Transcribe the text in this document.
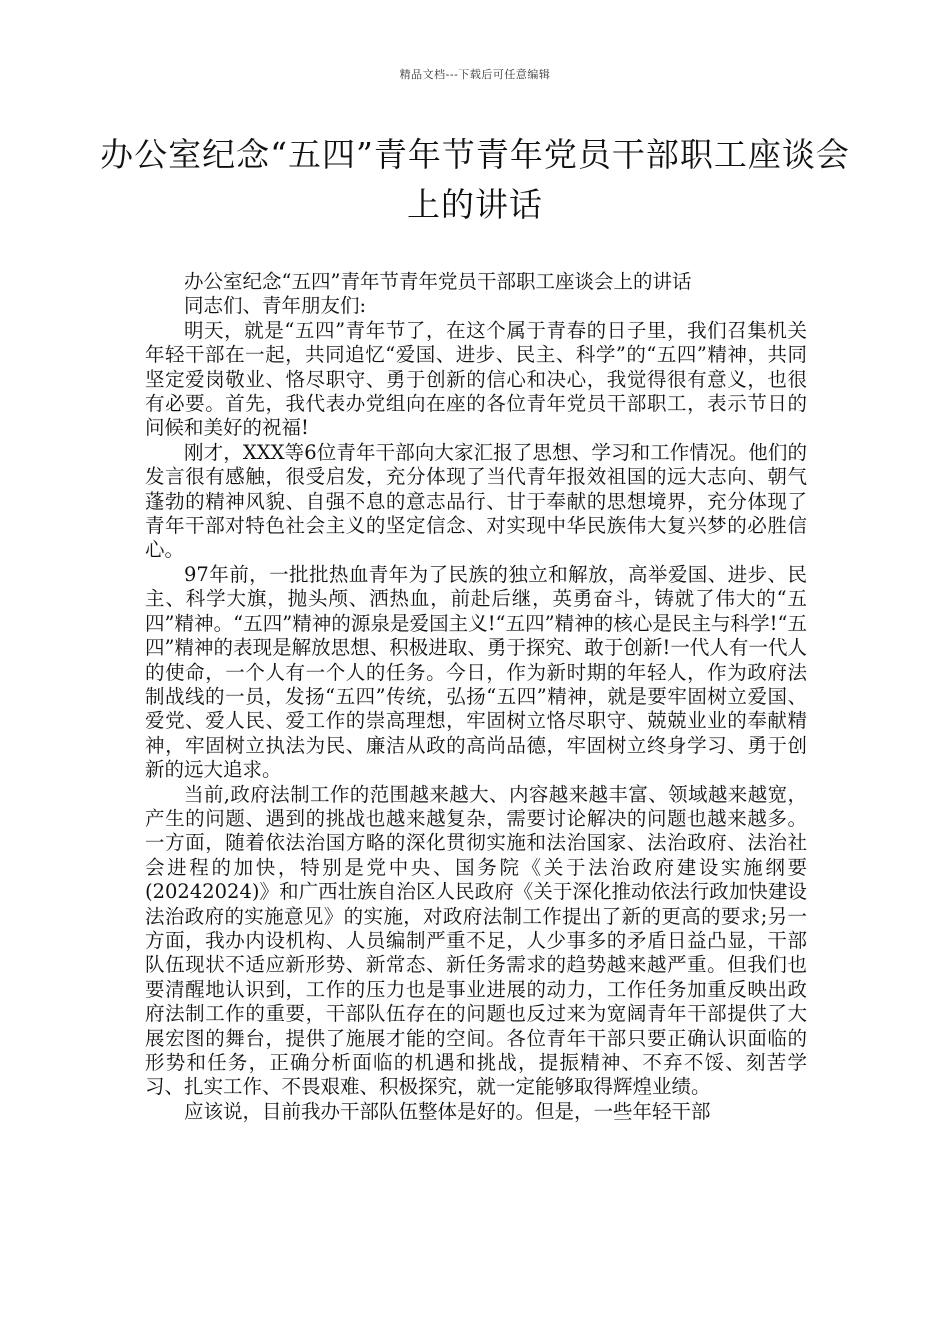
精品文档---下载后可任意编辑
办公室纪念“五四”青年节青年党员干部职工座谈会上的讲话

办公室纪念“五四”青年节青年党员干部职工座谈会上的讲话

同志们、青年朋友们:

明天，就是“五四”青年节了，在这个属于青春的日子里，我们召集机关年轻干部在一起，共同追忆“爱国、进步、民主、科学”的“五四”精神，共同坚定爱岗敬业、恪尽职守、勇于创新的信心和决心，我觉得很有意义，也很有必要。首先，我代表办党组向在座的各位青年党员干部职工，表示节日的问候和美好的祝福!

刚才，XXX等6位青年干部向大家汇报了思想、学习和工作情况。他们的发言很有感触，很受启发，充分体现了当代青年报效祖国的远大志向、朝气蓬勃的精神风貌、自强不息的意志品行、甘于奉献的思想境界，充分体现了青年干部对特色社会主义的坚定信念、对实现中华民族伟大复兴梦的必胜信心。

97年前，一批批热血青年为了民族的独立和解放，高举爱国、进步、民主、科学大旗，抛头颅、洒热血，前赴后继，英勇奋斗，铸就了伟大的“五四”精神。“五四”精神的源泉是爱国主义!“五四”精神的核心是民主与科学!“五四”精神的表现是解放思想、积极进取、勇于探究、敢于创新!一代人有一代人的使命，一个人有一个人的任务。今日，作为新时期的年轻人，作为政府法制战线的一员，发扬“五四”传统，弘扬“五四”精神，就是要牢固树立爱国、爱党、爱人民、爱工作的崇高理想，牢固树立恪尽职守、兢兢业业的奉献精神，牢固树立执法为民、廉洁从政的高尚品德，牢固树立终身学习、勇于创新的远大追求。

当前,政府法制工作的范围越来越大、内容越来越丰富、领域越来越宽，产生的问题、遇到的挑战也越来越复杂，需要讨论解决的问题也越来越多。一方面，随着依法治国方略的深化贯彻实施和法治国家、法治政府、法治社会进程的加快，特别是党中央、国务院《关于法治政府建设实施纲要(20242024)》和广西壮族自治区人民政府《关于深化推动依法行政加快建设法治政府的实施意见》的实施，对政府法制工作提出了新的更高的要求;另一方面，我办内设机构、人员编制严重不足，人少事多的矛盾日益凸显，干部队伍现状不适应新形势、新常态、新任务需求的趋势越来越严重。但我们也要清醒地认识到，工作的压力也是事业进展的动力，工作任务加重反映出政府法制工作的重要，干部队伍存在的问题也反过来为宽阔青年干部提供了大展宏图的舞台，提供了施展才能的空间。各位青年干部只要正确认识面临的形势和任务，正确分析面临的机遇和挑战，提振精神、不弃不馁、刻苦学习、扎实工作、不畏艰难、积极探究，就一定能够取得辉煌业绩。

应该说，目前我办干部队伍整体是好的。但是，一些年轻干部
